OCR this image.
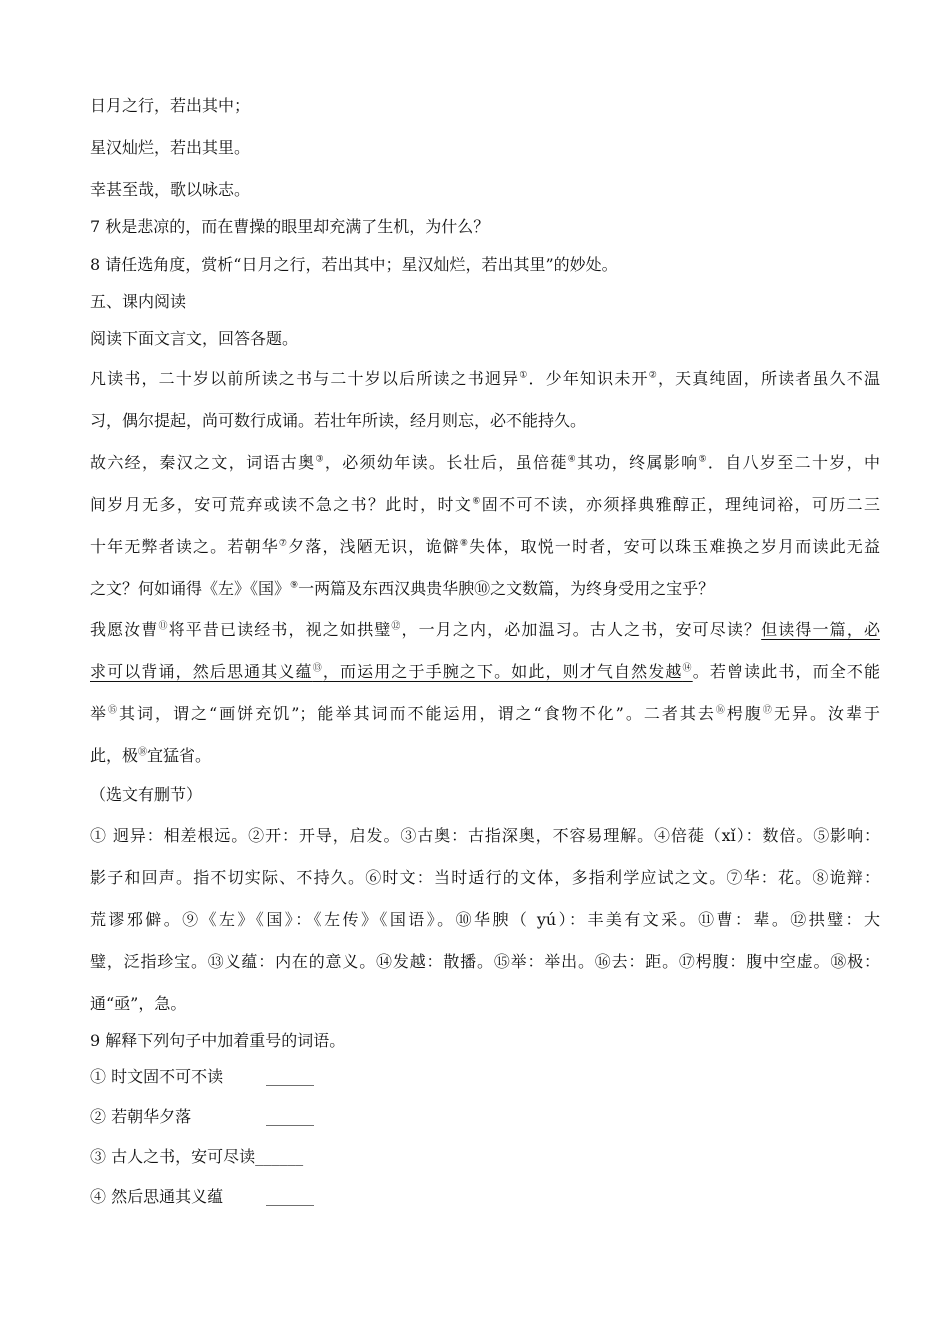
日月之行，若出其中；
星汉灿烂，若出其里。
幸甚至哉，歌以咏志。
7 秋是悲凉的，而在曹操的眼里却充满了生机，为什么？
8 请任选角度，赏析“日月之行，若出其中；星汉灿烂，若出其里”的妙处。
五、课内阅读
阅读下面文言文，回答各题。
凡读书，二十岁以前所读之书与二十岁以后所读之书迥异①．少年知识未开②，天真纯固，所读者虽久不温
习，偶尔提起，尚可数行成诵。若壮年所读，经月则忘，必不能持久。
故六经，秦汉之文，词语古奥③，必须幼年读。长壮后，虽倍蓰④其功，终属影响⑤．自八岁至二十岁，中
间岁月无多，安可荒弃或读不急之书？此时，时文⑥固不可不读，亦须择典雅醇正，理纯词裕，可历二三
十年无弊者读之。若朝华⑦夕落，浅陋无识，诡僻⑧失体，取悦一时者，安可以珠玉难换之岁月而读此无益
之文？何如诵得《左》《国》⑨一两篇及东西汉典贵华腴⑩之文数篇，为终身受用之宝乎？
我愿汝曹⑪将平昔已读经书，视之如拱璧⑫，一月之内，必加温习。古人之书，安可尽读？但读得一篇，必
求可以背诵，然后思通其义蕴⑬，而运用之于手腕之下。如此，则才气自然发越⑭。若曾读此书，而全不能
举⑮其词，谓之“画饼充饥”；能举其词而不能运用，谓之“食物不化”。二者其去⑯枵腹⑰无异。汝辈于
此，极⑱宜猛省。
（选文有删节）
① 迥异：相差根远。②开：开导，启发。③古奥：古指深奥，不容易理解。④倍蓰（xǐ）：数倍。⑤影响：
影子和回声。指不切实际、不持久。⑥时文：当时适行的文体，多指利学应试之文。⑦华：花。⑧诡辩：
荒谬邪僻。⑨《左》《国》：《左传》《国语》。⑩华腴（ yú）：丰美有文采。⑪曹：辈。⑫拱璧：大
璧，泛指珍宝。⑬义蕴：内在的意义。⑭发越：散播。⑮举：举出。⑯去：距。⑰枵腹：腹中空虚。⑱极：
通“亟”，急。
9 解释下列句子中加着重号的词语。
① 时文固不可不读	______
② 若朝华夕落	______
③ 古人之书，安可尽读______
④ 然后思通其义蕴	______
